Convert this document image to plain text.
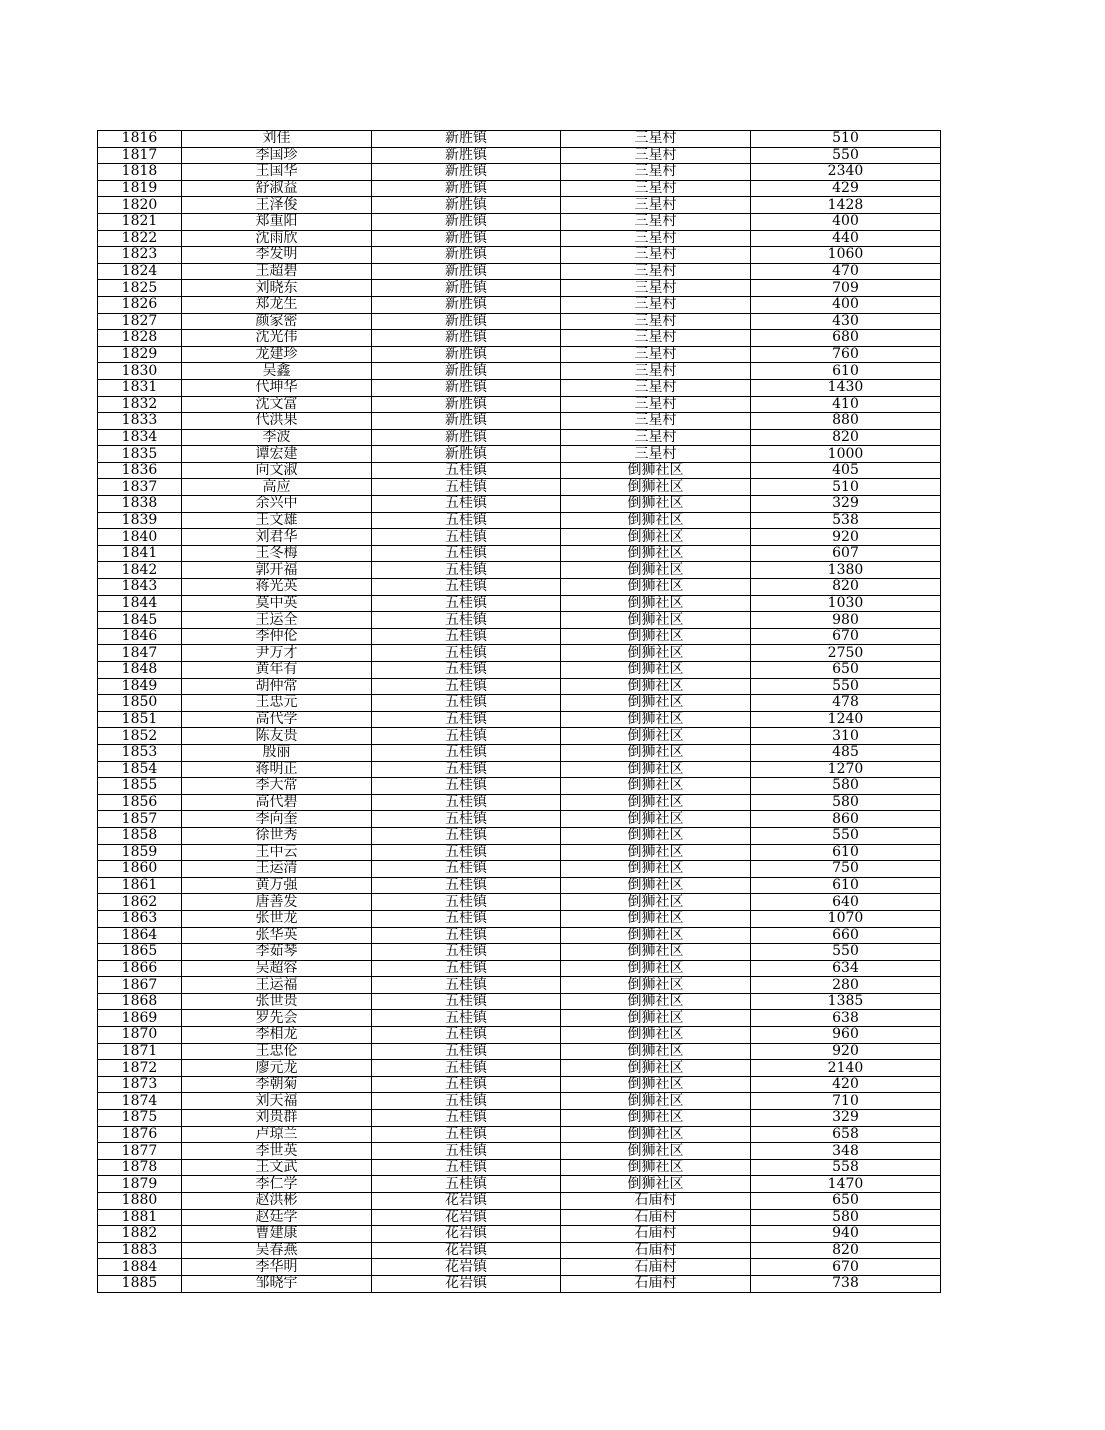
1816	刘佳	新胜镇	三星村	510
1817	李国珍	新胜镇	三星村	550
1818	王国华	新胜镇	三星村	2340
1819	舒淑益	新胜镇	三星村	429
1820	王泽俊	新胜镇	三星村	1428
1821	郑重阳	新胜镇	三星村	400
1822	沈雨欣	新胜镇	三星村	440
1823	李发明	新胜镇	三星村	1060
1824	王超碧	新胜镇	三星村	470
1825	刘晓东	新胜镇	三星村	709
1826	郑龙生	新胜镇	三星村	400
1827	颜家密	新胜镇	三星村	430
1828	沈光伟	新胜镇	三星村	680
1829	龙建珍	新胜镇	三星村	760
1830	吴鑫	新胜镇	三星村	610
1831	代坤华	新胜镇	三星村	1430
1832	沈文富	新胜镇	三星村	410
1833	代洪果	新胜镇	三星村	880
1834	李波	新胜镇	三星村	820
1835	谭宏建	新胜镇	三星村	1000
1836	向文淑	五桂镇	倒狮社区	405
1837	高应	五桂镇	倒狮社区	510
1838	余兴中	五桂镇	倒狮社区	329
1839	王文雄	五桂镇	倒狮社区	538
1840	刘君华	五桂镇	倒狮社区	920
1841	王冬梅	五桂镇	倒狮社区	607
1842	郭开福	五桂镇	倒狮社区	1380
1843	蒋光英	五桂镇	倒狮社区	820
1844	莫中英	五桂镇	倒狮社区	1030
1845	王运全	五桂镇	倒狮社区	980
1846	李仲伦	五桂镇	倒狮社区	670
1847	尹万才	五桂镇	倒狮社区	2750
1848	黄年有	五桂镇	倒狮社区	650
1849	胡仲常	五桂镇	倒狮社区	550
1850	王忠元	五桂镇	倒狮社区	478
1851	高代学	五桂镇	倒狮社区	1240
1852	陈友贵	五桂镇	倒狮社区	310
1853	殷丽	五桂镇	倒狮社区	485
1854	蒋明正	五桂镇	倒狮社区	1270
1855	李大常	五桂镇	倒狮社区	580
1856	高代碧	五桂镇	倒狮社区	580
1857	李向奎	五桂镇	倒狮社区	860
1858	徐世秀	五桂镇	倒狮社区	550
1859	王中云	五桂镇	倒狮社区	610
1860	王运清	五桂镇	倒狮社区	750
1861	黄万强	五桂镇	倒狮社区	610
1862	唐善发	五桂镇	倒狮社区	640
1863	张世龙	五桂镇	倒狮社区	1070
1864	张华英	五桂镇	倒狮社区	660
1865	李茹琴	五桂镇	倒狮社区	550
1866	吴超容	五桂镇	倒狮社区	634
1867	王运福	五桂镇	倒狮社区	280
1868	张世贵	五桂镇	倒狮社区	1385
1869	罗先会	五桂镇	倒狮社区	638
1870	李相龙	五桂镇	倒狮社区	960
1871	王忠伦	五桂镇	倒狮社区	920
1872	廖元龙	五桂镇	倒狮社区	2140
1873	李朝菊	五桂镇	倒狮社区	420
1874	刘天福	五桂镇	倒狮社区	710
1875	刘贵群	五桂镇	倒狮社区	329
1876	卢琼兰	五桂镇	倒狮社区	658
1877	李世英	五桂镇	倒狮社区	348
1878	王文武	五桂镇	倒狮社区	558
1879	李仁学	五桂镇	倒狮社区	1470
1880	赵洪彬	花岩镇	石庙村	650
1881	赵廷学	花岩镇	石庙村	580
1882	曹建康	花岩镇	石庙村	940
1883	吴春燕	花岩镇	石庙村	820
1884	李华明	花岩镇	石庙村	670
1885	邹晓宇	花岩镇	石庙村	738
